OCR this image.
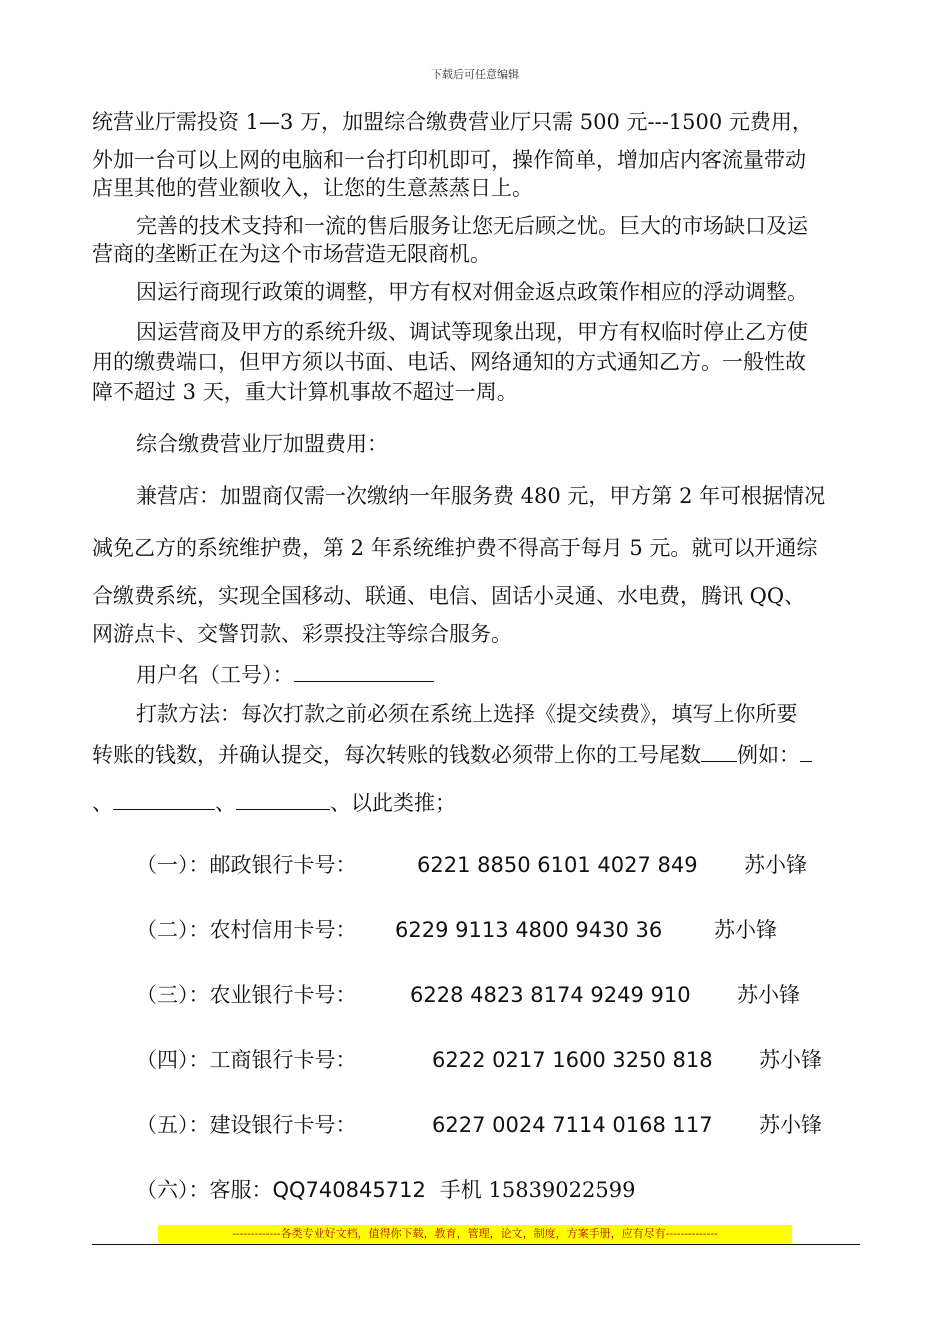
下载后可任意编辑
统营业厅需投资 1—3 万，加盟综合缴费营业厅只需 500 元---1500 元费用，
外加一台可以上网的电脑和一台打印机即可，操作简单，增加店内客流量带动
店里其他的营业额收入，让您的生意蒸蒸日上。
完善的技术支持和一流的售后服务让您无后顾之忧。巨大的市场缺口及运
营商的垄断正在为这个市场营造无限商机。
因运行商现行政策的调整，甲方有权对佣金返点政策作相应的浮动调整。
因运营商及甲方的系统升级、调试等现象出现，甲方有权临时停止乙方使
用的缴费端口，但甲方须以书面、电话、网络通知的方式通知乙方。一般性故
障不超过 3 天，重大计算机事故不超过一周。
综合缴费营业厅加盟费用：
兼营店：加盟商仅需一次缴纳一年服务费 480 元，甲方第 2 年可根据情况
减免乙方的系统维护费，第 2 年系统维护费不得高于每月 5 元。就可以开通综
合缴费系统，实现全国移动、联通、电信、固话小灵通、水电费，腾讯 QQ、
网游点卡、交警罚款、彩票投注等综合服务。
用户名（工号）：
打款方法：每次打款之前必须在系统上选择《提交续费》，填写上你所要
转账的钱数，并确认提交，每次转账的钱数必须带上你的工号尾数 例如：
、	、	、以此类推；
（一）：邮政银行卡号：	6221 8850 6101 4027 849 苏小锋
（二）：农村信用卡号： 6229 9113 4800 9430 36 苏小锋
（三）：农业银行卡号：	6228 4823 8174 9249 910 苏小锋
（四）：工商银行卡号：	6222 0217 1600 3250 818 苏小锋
（五）：建设银行卡号：	6227 0024 7114 0168 117 苏小锋
（六）：客服：QQ740845712 手机 15839022599
-------------各类专业好文档，值得你下载，教育，管理，论文，制度，方案手册，应有尽有--------------
